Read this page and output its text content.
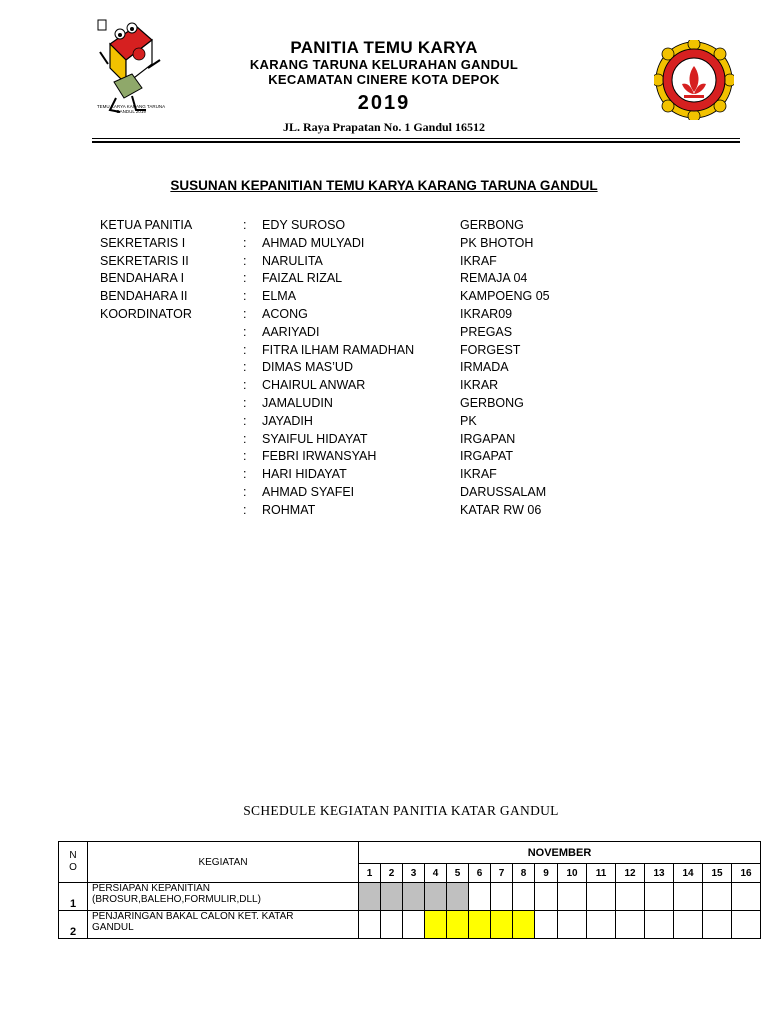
TEMU KARYA KARANG TARUNA GANDUL 2019
PANITIA TEMU KARYA
KARANG TARUNA KELURAHAN GANDUL
KECAMATAN CINERE KOTA DEPOK
2019
JL. Raya Prapatan No. 1 Gandul 16512
SUSUNAN KEPANITIAN TEMU KARYA KARANG TARUNA GANDUL
KETUA PANITIA	: EDY SUROSO	GERBONG
SEKRETARIS I	: AHMAD MULYADI	PK BHOTOH
SEKRETARIS II	: NARULITA	IKRAF
BENDAHARA I	: FAIZAL RIZAL	REMAJA 04
BENDAHARA II	: ELMA	KAMPOENG 05
KOORDINATOR	: ACONG	IKRAR09
: AARIYADI	PREGAS
: FITRA ILHAM RAMADHAN	FORGEST
: DIMAS MAS’UD	IRMADA
: CHAIRUL ANWAR	IKRAR
: JAMALUDIN	GERBONG
: JAYADIH	PK
: SYAIFUL HIDAYAT	IRGAPAN
: FEBRI IRWANSYAH	IRGAPAT
: HARI HIDAYAT	IKRAF
: AHMAD SYAFEI	DARUSSALAM
: ROHMAT	KATAR RW 06
SCHEDULE KEGIATAN PANITIA KATAR GANDUL
N
O	KEGIATAN	NOVEMBER															
		1	2	3	4	5	6	7	8	9	10	11	12	13	14	15	16
1	PERSIAPAN KEPANITIAN
(BROSUR,BALEHO,FORMULIR,DLL)																

2	PENJARINGAN BAKAL CALON KET. KATAR
GANDUL																
